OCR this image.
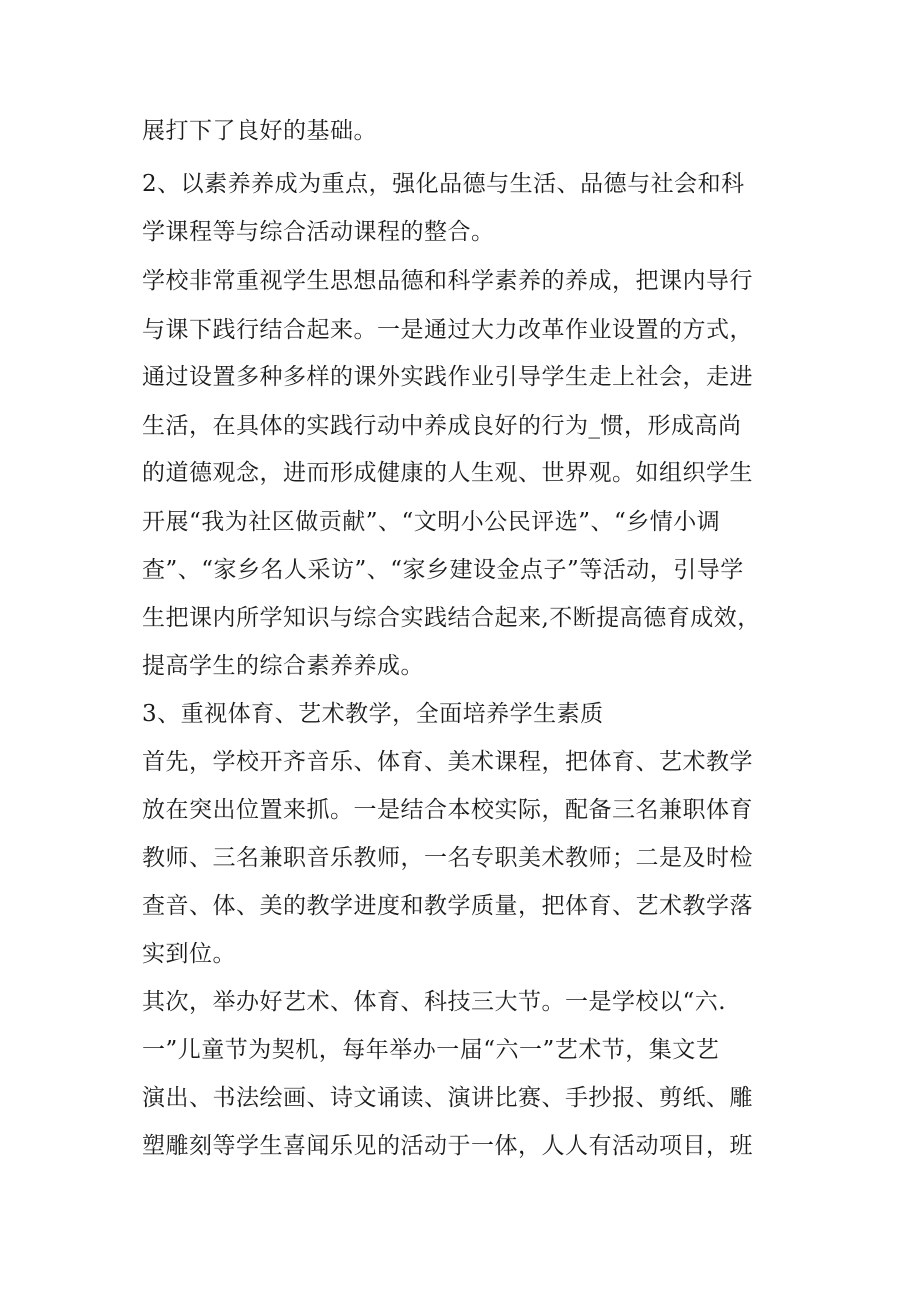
展打下了良好的基础。

2、以素养养成为重点，强化品德与生活、品德与社会和科

学课程等与综合活动课程的整合。

学校非常重视学生思想品德和科学素养的养成，把课内导行

与课下践行结合起来。一是通过大力改革作业设置的方式，

通过设置多种多样的课外实践作业引导学生走上社会，走进

生活，在具体的实践行动中养成良好的行为_惯，形成高尚

的道德观念，进而形成健康的人生观、世界观。如组织学生

开展“我为社区做贡献”、“文明小公民评选”、“乡情小调

查”、“家乡名人采访”、“家乡建设金点子”等活动，引导学

生把课内所学知识与综合实践结合起来,不断提高德育成效，

提高学生的综合素养养成。

3、重视体育、艺术教学，全面培养学生素质

首先，学校开齐音乐、体育、美术课程，把体育、艺术教学

放在突出位置来抓。一是结合本校实际，配备三名兼职体育

教师、三名兼职音乐教师，一名专职美术教师；二是及时检

查音、体、美的教学进度和教学质量，把体育、艺术教学落

实到位。

其次，举办好艺术、体育、科技三大节。一是学校以“六.

一”儿童节为契机，每年举办一届“六一”艺术节，集文艺

演出、书法绘画、诗文诵读、演讲比赛、手抄报、剪纸、雕

塑雕刻等学生喜闻乐见的活动于一体，人人有活动项目，班
